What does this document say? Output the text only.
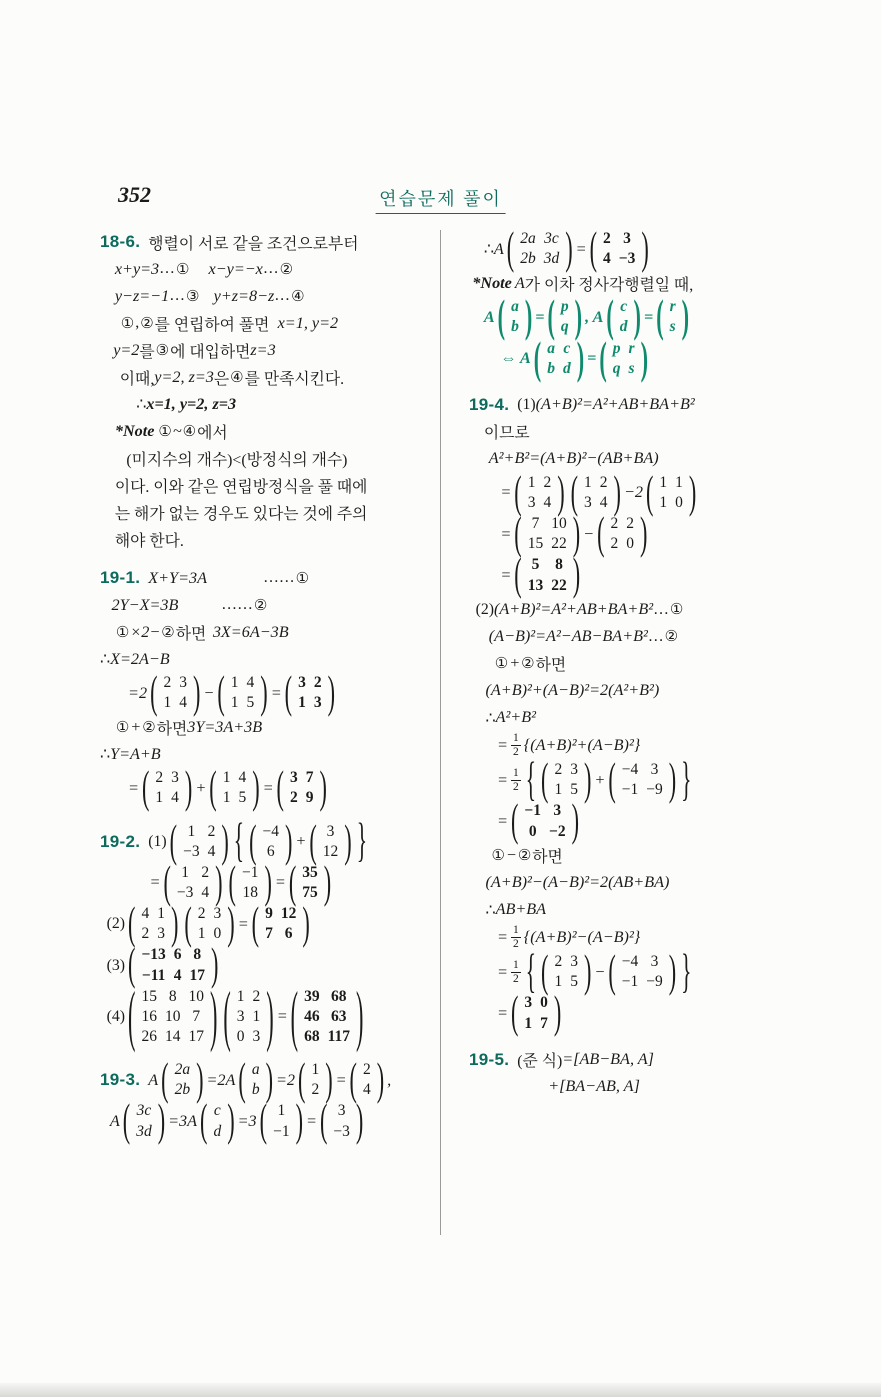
352	연습문제 풀이
18-6. 행렬이 서로 같을 조건으로부터
x+y=3 … ① x−y=−x … ②
y−z=−1 … ③ y+z=8−z … ④
① , ② 를 연립하여 풀면 x=1, y=2
y=2 를 ③ 에 대입하면 z=3
이때, y=2, z=3 은 ④ 를 만족시킨다.
∴ x=1, y=2, z=3
*Note ① ~ ④ 에서
(미지수의 개수)<(방정식의 개수)
이다. 이와 같은 연립방정식을 풀 때에
는 해가 없는 경우도 있다는 것에 주의
해야 한다.
19-1. X+Y=3A	…… ①
2Y−X=3B	…… ②
① ×2− ② 하면 3X=6A−3B
∴ X=2A−B
=2 ( 2 3
1 4 ) − ( 1 4
1 5 ) = ( 3 2
1 3 )
① + ② 하면 3Y=3A+3B
∴ Y=A+B
= ( 2 3
1 4 ) + ( 1 4
1 5 ) = ( 3 7
2 9 )
19-2. (1) ( 1 2
−3 4 ) { ( −4
6 ) + ( 3
12 ) }
= ( 1 2
−3 4 ) ( −1
18 ) = ( 35
75 )
(2) ( 4 1
2 3 ) ( 2 3
1 0 ) = ( 9 12
7 6 )
(3) ( −13 6 8
−11 4 17 )
(4) ( 15 8 10
16 10 7
26 14 17 ) ( 1 2
3 1
0 3 ) = ( 39 68
46 63
68 117 )
19-3. A ( 2a
2b ) =2A ( a
b ) =2 ( 1
2 ) = ( 2
4 ) ,
A ( 3c
3d ) =3A ( c
d ) =3 ( 1
−1 ) = ( 3
−3 )
∴ A ( 2a 3c
2b 3d ) = ( 2 3
4 −3 )
*Note A 가 이차 정사각행렬일 때,
A ( a
b ) = ( p
q ) , A ( c
d ) = ( r
s )
⇔ A ( a c
b d ) = ( p r
q s )
19-4. (1) (A+B)²=A²+AB+BA+B²
이므로
A²+B²=(A+B)²−(AB+BA)
= ( 1 2
3 4 ) ( 1 2
3 4 ) −2 ( 1 1
1 0 )
= ( 7 10
15 22 ) − ( 2 2
2 0 )
= ( 5	8
13 22 )
(2) (A+B)²=A²+AB+BA+B² … ①
(A−B)²=A²−AB−BA+B² … ②
① + ② 하면
(A+B)²+(A−B)²=2(A²+B²)
∴ A²+B²
= $\frac{1}{2} \{(A+B)^2+(A-B)^2\}$
= $\frac{1}{2}$ { ( 2 3
1 5 ) + ( −4 3
−1 −9 ) }
= ( −1 3
0 −2 )
① − ② 하면
(A+B)²−(A−B)²=2(AB+BA)
∴ AB+BA
= $\frac{1}{2} \{(A+B)^2-(A-B)^2\}$
= $\frac{1}{2}$ { ( 2 3
1 5 ) − ( −4 3
−1 −9 ) }
= ( 3 0
1 7 )
19-5. (준 식) =[AB−BA, A]
+[BA−AB, A]
